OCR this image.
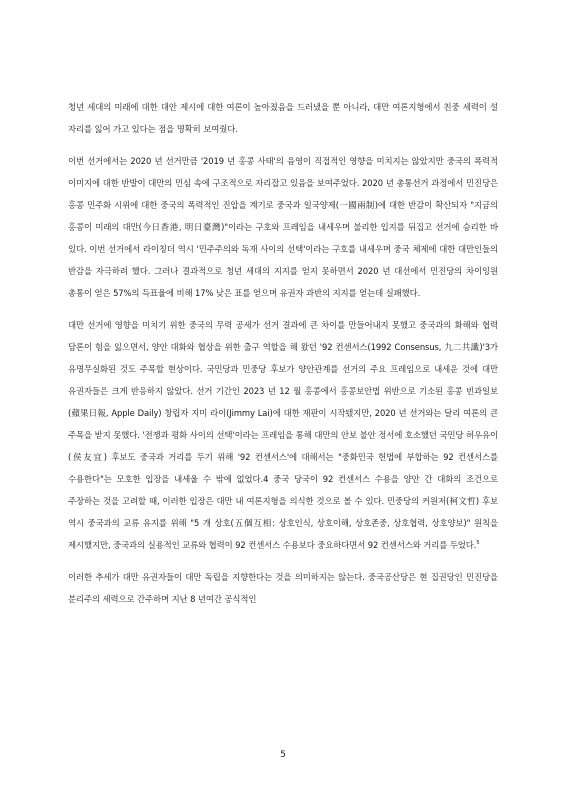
청년 세대의 미래에 대한 대안 제시에 대한 여론이 높아졌음을 드러냈을 뿐 아니라, 대만 여론지형에서 친중 세력이 설 자리를 잃어 가고 있다는 점을 명확히 보여줬다.

이번 선거에서는 2020 년 선거만큼 '2019 년 홍콩 사태'의 음영이 직접적인 영향을 미치지는 않았지만 중국의 폭력적 이미지에 대한 반발이 대만의 민심 속에 구조적으로 자리잡고 있음을 보여주었다. 2020 년 총통선거 과정에서 민진당은 홍콩 민주화 시위에 대한 중국의 폭력적인 진압을 계기로 중국과 일국양제(一國兩制)에 대한 반감이 확산되자 "지금의 홍콩이 미래의 대만(今日香港, 明日臺灣)"이라는 구호와 프레임을 내세우며 불리한 입지를 뒤집고 선거에 승리한 바 있다. 이번 선거에서 라이칭더 역시 '민주주의와 독재 사이의 선택'이라는 구호를 내세우며 중국 체제에 대한 대만인들의 반감을 자극하려 했다. 그러나 결과적으로 청년 세대의 지지를 얻지 못하면서 2020 년 대선에서 민진당의 차이잉원 총통이 얻은 57%의 득표율에 비해 17% 낮은 표를 얻으며 유권자 과반의 지지를 얻는데 실패했다.

대만 선거에 영향을 미치기 위한 중국의 무력 공세가 선거 결과에 큰 차이를 만들어내지 못했고 중국과의 화해와 협력 담론이 힘을 잃으면서, 양안 대화와 협상을 위한 출구 역할을 해 왔던 '92 컨센서스(1992 Consensus, 九二共識)'3가 유명무실화된 것도 주목할 현상이다. 국민당과 민중당 후보가 양안관계를 선거의 주요 프레임으로 내세운 것에 대만 유권자들은 크게 반응하지 않았다. 선거 기간인 2023 년 12 월 홍콩에서 홍콩보안법 위반으로 기소된 홍콩 빈과일보(蘋果日報, Apple Daily) 창립자 지미 라이(Jimmy Lai)에 대한 재판이 시작됐지만, 2020 년 선거와는 달리 여론의 큰 주목을 받지 못했다. '전쟁과 평화 사이의 선택'이라는 프레임을 통해 대만의 안보 불안 정서에 호소했던 국민당 허우유이(侯友宜) 후보도 중국과 거리를 두기 위해 '92 컨센서스'에 대해서는 "중화민국 헌법에 부합하는 92 컨센서스를 수용한다"는 모호한 입장을 내세울 수 밖에 없었다.4 중국 당국이 92 컨센서스 수용을 양안 간 대화의 조건으로 주장하는 것을 고려할 때, 이러한 입장은 대만 내 여론지형을 의식한 것으로 볼 수 있다. 민중당의 커원저(柯文哲) 후보 역시 중국과의 교류 유지를 위해 "5 개 상호(五個互相: 상호인식, 상호이해, 상호존중, 상호협력, 상호양보)" 원칙을 제시했지만, 중국과의 실용적인 교류와 협력이 92 컨센서스 수용보다 중요하다면서 92 컨센서스와 거리를 두었다.$^5$

이러한 추세가 대만 유권자들이 대만 독립을 지향한다는 것을 의미하지는 않는다. 중국공산당은 현 집권당인 민진당을 분리주의 세력으로 간주하며 지난 8 년여간 공식적인

5
